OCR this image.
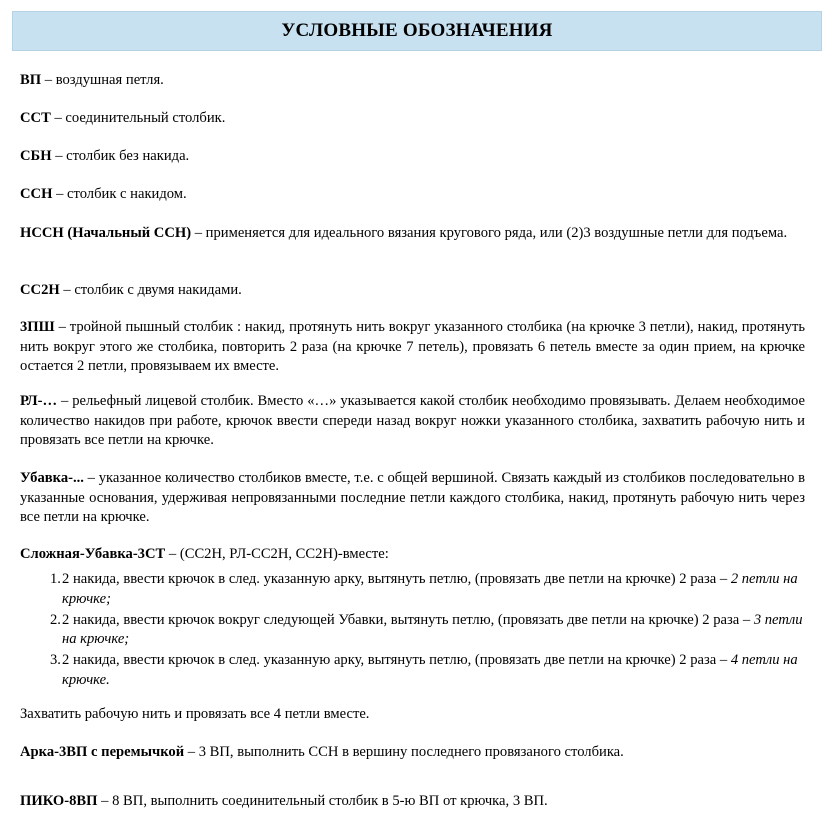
УСЛОВНЫЕ ОБОЗНАЧЕНИЯ
ВП – воздушная петля.
ССТ – соединительный столбик.
СБН – столбик без накида.
ССН – столбик с накидом.
НССН (Начальный ССН) – применяется для идеального вязания кругового ряда, или (2)3 воздушные петли для подъема.
СС2Н – столбик с двумя накидами.
3ПШ – тройной пышный столбик : накид, протянуть нить вокруг указанного столбика (на крючке 3 петли), накид, протянуть нить вокруг этого же столбика, повторить 2 раза (на крючке 7 петель), провязать 6 петель вместе за один прием, на крючке остается 2 петли, провязываем их вместе.
РЛ-… – рельефный лицевой столбик. Вместо «…» указывается какой столбик необходимо провязывать. Делаем необходимое количество накидов при работе, крючок ввести спереди назад вокруг ножки указанного столбика, захватить рабочую нить и провязать все петли на крючке.
Убавка-... – указанное количество столбиков вместе, т.е. с общей вершиной. Связать каждый из столбиков последовательно в указанные основания, удерживая непровязанными последние петли каждого столбика, накид, протянуть рабочую нить через все петли на крючке.
Сложная-Убавка-3СТ – (СС2Н, РЛ-СС2Н, СС2Н)-вместе:
1. 2 накида, ввести крючок в след. указанную арку, вытянуть петлю, (провязать две петли на крючке) 2 раза – 2 петли на крючке;
2. 2 накида, ввести крючок вокруг следующей Убавки, вытянуть петлю, (провязать две петли на крючке) 2 раза – 3 петли на крючке;
3. 2 накида, ввести крючок в след. указанную арку, вытянуть петлю, (провязать две петли на крючке) 2 раза – 4 петли на крючке.
Захватить рабочую нить и провязать все 4 петли вместе.
Арка-3ВП с перемычкой – 3 ВП, выполнить ССН в вершину последнего провязаного столбика.
ПИКО-8ВП – 8 ВП, выполнить соединительный столбик в 5-ю ВП от крючка, 3 ВП.
